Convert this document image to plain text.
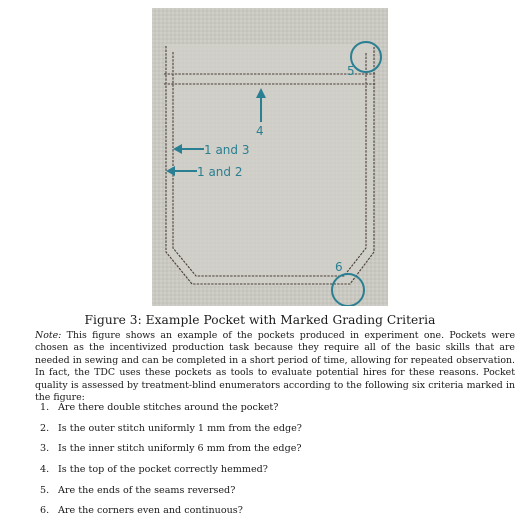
5
4
1 and 3
1 and 2
6
Figure 3: Example Pocket with Marked Grading Criteria

Note: This figure shows an example of the pockets produced in experiment one. Pockets were chosen as the incentivized production task because they require all of the basic skills that are needed in sewing and can be completed in a short period of time, allowing for repeated observation. In fact, the TDC uses these pockets as tools to evaluate potential hires for these reasons. Pocket quality is assessed by treatment-blind enumerators according to the following six criteria marked in the figure:

1. Are there double stitches around the pocket?
2. Is the outer stitch uniformly 1 mm from the edge?
3. Is the inner stitch uniformly 6 mm from the edge?
4. Is the top of the pocket correctly hemmed?
5. Are the ends of the seams reversed?
6. Are the corners even and continuous?
